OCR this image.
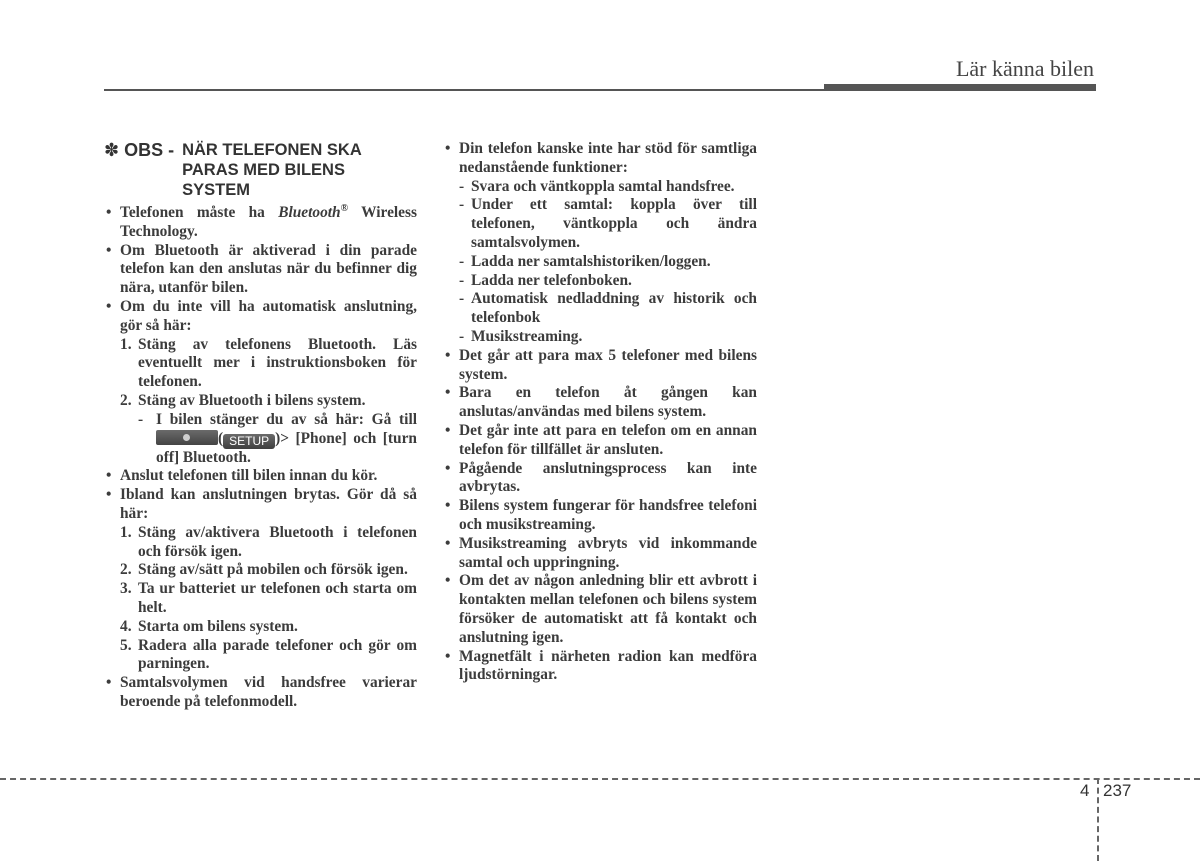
Lär känna bilen
✽ OBS - NÄR TELEFONEN SKA
PARAS MED BILENS
SYSTEM
• Telefonen måste ha Bluetooth® Wireless Technology.
• Om Bluetooth är aktiverad i din parade telefon kan den anslutas när du befinner dig nära, utanför bilen.
• Om du inte vill ha automatisk anslutning, gör så här:
1. Stäng av telefonens Bluetooth. Läs eventuellt mer i instruktionsboken för telefonen.
2. Stäng av Bluetooth i bilens system.
- I bilen stänger du av så här: Gå till ( SETUP )> [Phone] och [turn off] Bluetooth.
• Anslut telefonen till bilen innan du kör.
• Ibland kan anslutningen brytas. Gör då så här:
1. Stäng av/aktivera Bluetooth i telefonen och försök igen.
2. Stäng av/sätt på mobilen och försök igen.
3. Ta ur batteriet ur telefonen och starta om helt.
4. Starta om bilens system.
5. Radera alla parade telefoner och gör om parningen.
• Samtalsvolymen vid handsfree varierar beroende på telefonmodell.
• Din telefon kanske inte har stöd för samtliga nedanstående funktioner:
- Svara och väntkoppla samtal handsfree.
- Under ett samtal: koppla över till telefonen, väntkoppla och ändra samtalsvolymen.
- Ladda ner samtalshistoriken/loggen.
- Ladda ner telefonboken.
- Automatisk nedladdning av historik och telefonbok
- Musikstreaming.
• Det går att para max 5 telefoner med bilens system.
• Bara en telefon åt gången kan anslutas/användas med bilens system.
• Det går inte att para en telefon om en annan telefon för tillfället är ansluten.
• Pågående anslutningsprocess kan inte avbrytas.
• Bilens system fungerar för handsfree telefoni och musikstreaming.
• Musikstreaming avbryts vid inkommande samtal och uppringning.
• Om det av någon anledning blir ett avbrott i kontakten mellan telefonen och bilens system försöker de automatiskt att få kontakt och anslutning igen.
• Magnetfält i närheten radion kan medföra ljudstörningar.
4 237
